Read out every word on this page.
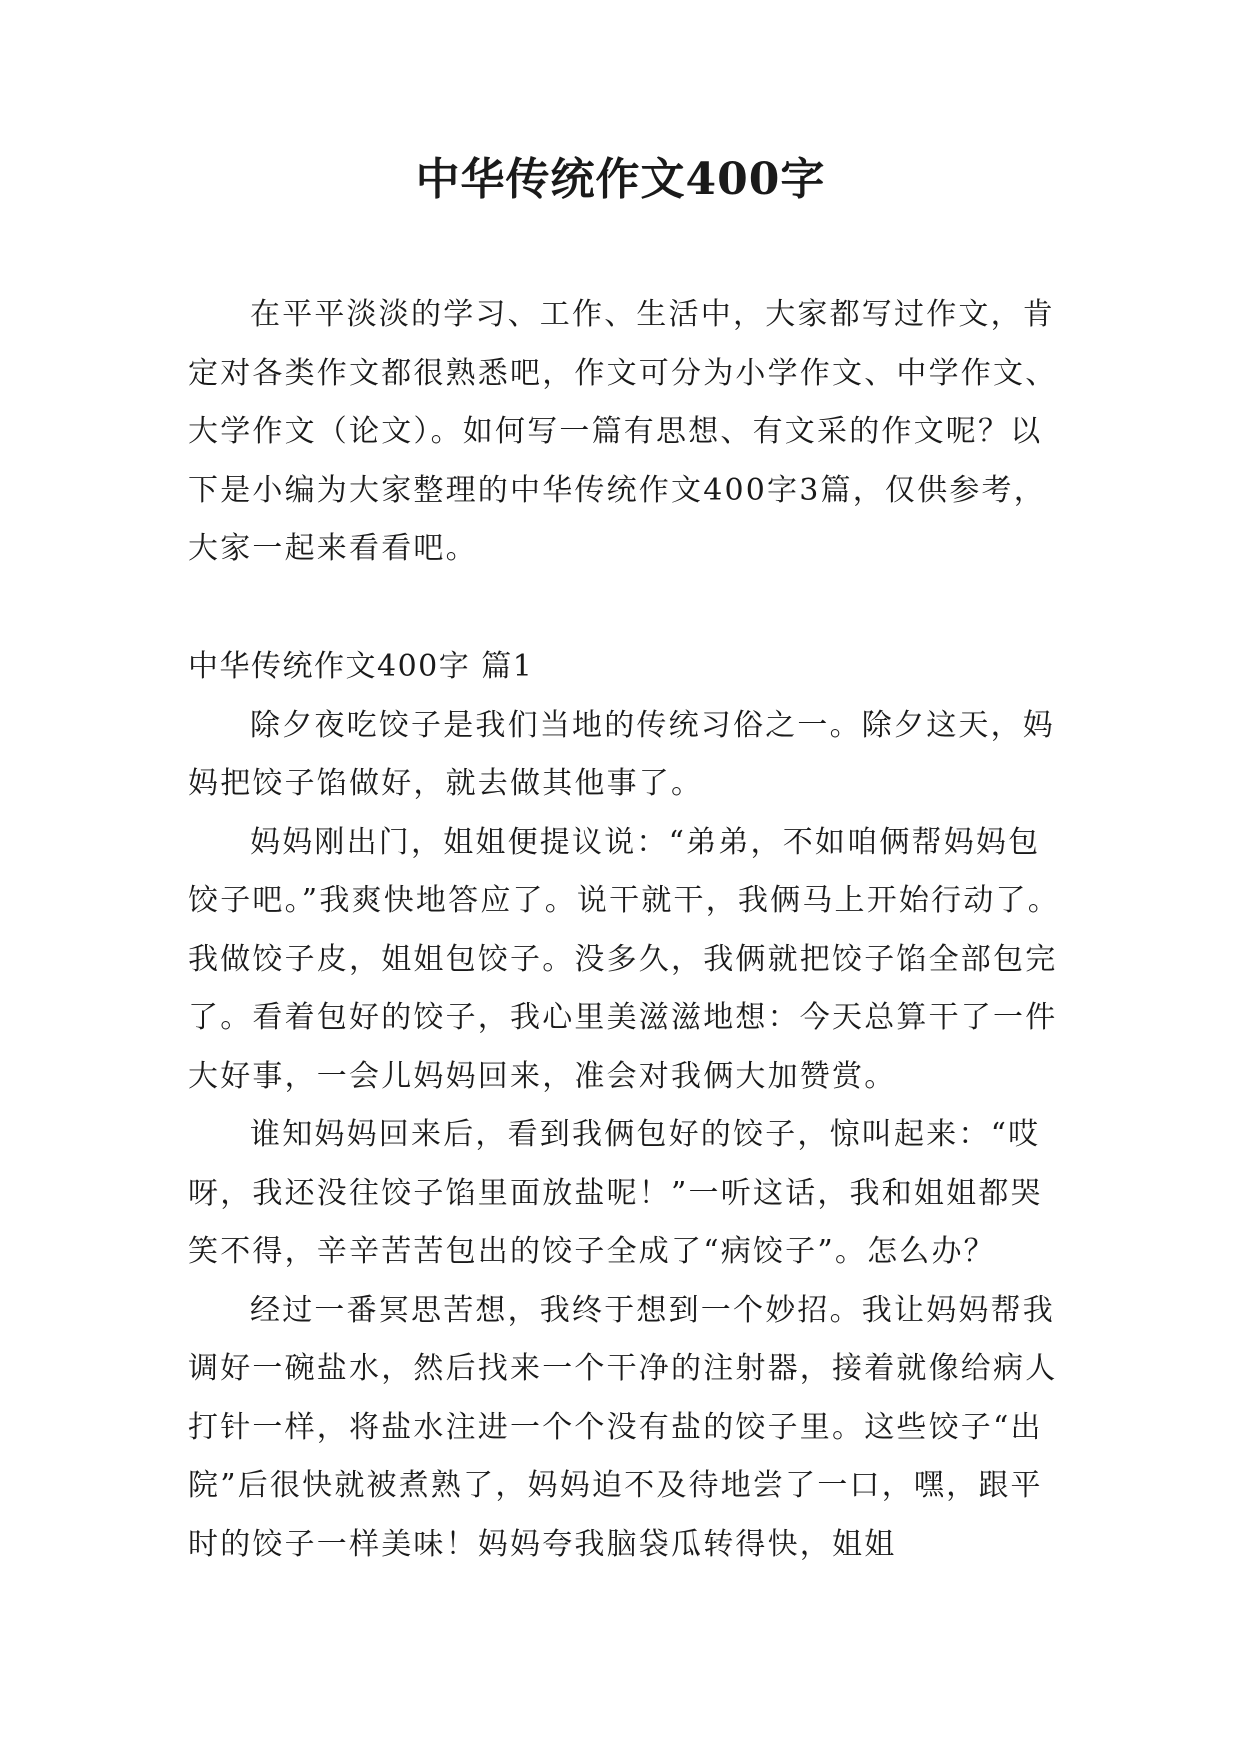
中华传统作文400字

在平平淡淡的学习、工作、生活中，大家都写过作文，肯定对各类作文都很熟悉吧，作文可分为小学作文、中学作文、大学作文（论文）。如何写一篇有思想、有文采的作文呢？以下是小编为大家整理的中华传统作文400字3篇，仅供参考，大家一起来看看吧。

中华传统作文400字 篇1

除夕夜吃饺子是我们当地的传统习俗之一。除夕这天，妈妈把饺子馅做好，就去做其他事了。

妈妈刚出门，姐姐便提议说：“弟弟，不如咱俩帮妈妈包饺子吧。”我爽快地答应了。说干就干，我俩马上开始行动了。我做饺子皮，姐姐包饺子。没多久，我俩就把饺子馅全部包完了。看着包好的饺子，我心里美滋滋地想：今天总算干了一件大好事，一会儿妈妈回来，准会对我俩大加赞赏。

谁知妈妈回来后，看到我俩包好的饺子，惊叫起来：“哎呀，我还没往饺子馅里面放盐呢！”一听这话，我和姐姐都哭笑不得，辛辛苦苦包出的饺子全成了“病饺子”。怎么办？

经过一番冥思苦想，我终于想到一个妙招。我让妈妈帮我调好一碗盐水，然后找来一个干净的注射器，接着就像给病人打针一样，将盐水注进一个个没有盐的饺子里。这些饺子“出院”后很快就被煮熟了，妈妈迫不及待地尝了一口，嘿，跟平时的饺子一样美味！妈妈夸我脑袋瓜转得快，姐姐
